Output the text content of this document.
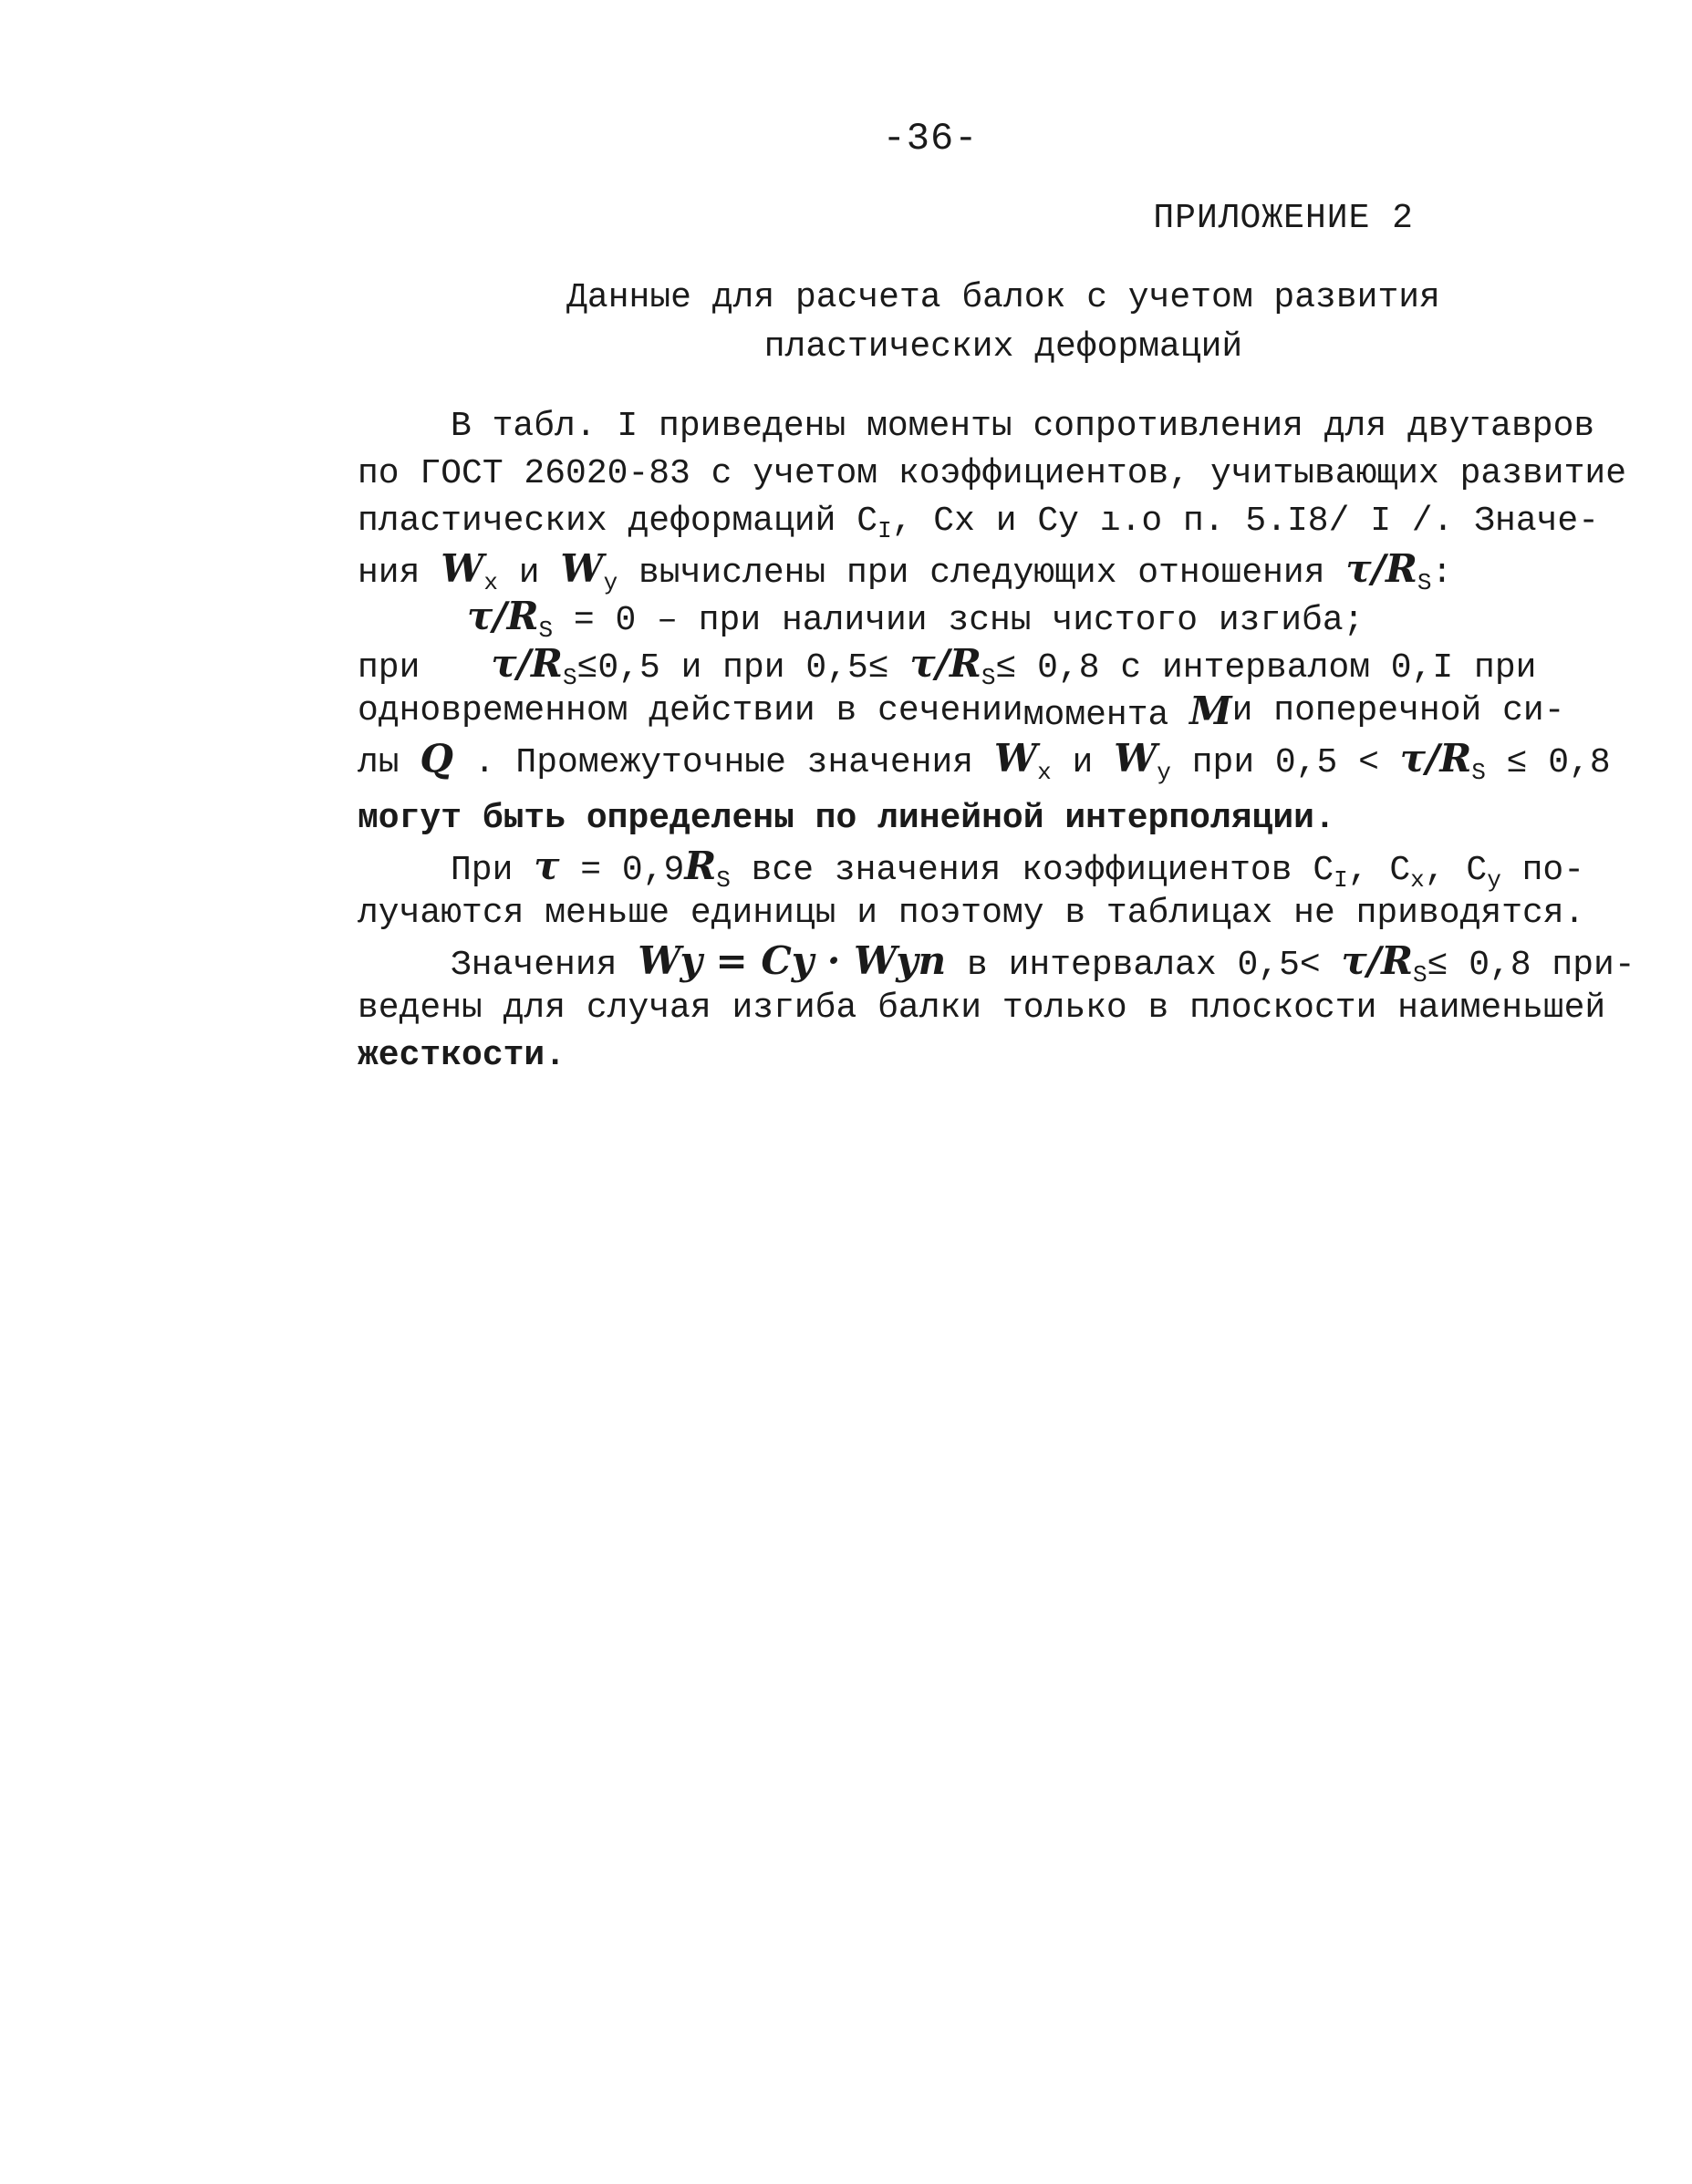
-36-
ПРИЛОЖЕНИЕ 2
Данные для расчета балок с учетом развития
пластических деформаций
В табл. I приведены моменты сопротивления для двутавров
по ГОСТ 26020-83 с учетом коэффициентов, учитывающих развитие
пластических деформаций $C_I$, Cx и Cy ı.o п. 5.I8/ I /. Значе-
ния $W_x$ и $W_y$ вычислены при следующих отношения $\tau/R_S$:
$\tau/R_S = 0$ – при наличии зсны чистого изгиба;
при $\tau/R_S\le 0,5$ и при $0,5\le \tau/R_S\le 0,8$ с интервалом 0,I при
одновременном действии в сечении момента M и поперечной си-
лы Q . Промежуточные значения $W_x$ и $W_y$ при $0,5 < \tau/R_S \le 0,8$
могут быть определены по линейной интерполяции.
При $\tau = 0,9R_S$ все значения коэффициентов $C_I$, $C_x$, $C_y$ по-
лучаются меньше единицы и поэтому в таблицах не приводятся.
Значения Wy = Cy · Wyn в интервалах $0,5< \tau/R_S\le 0,8$ при-
ведены для случая изгиба балки только в плоскости наименьшей
жесткости.
